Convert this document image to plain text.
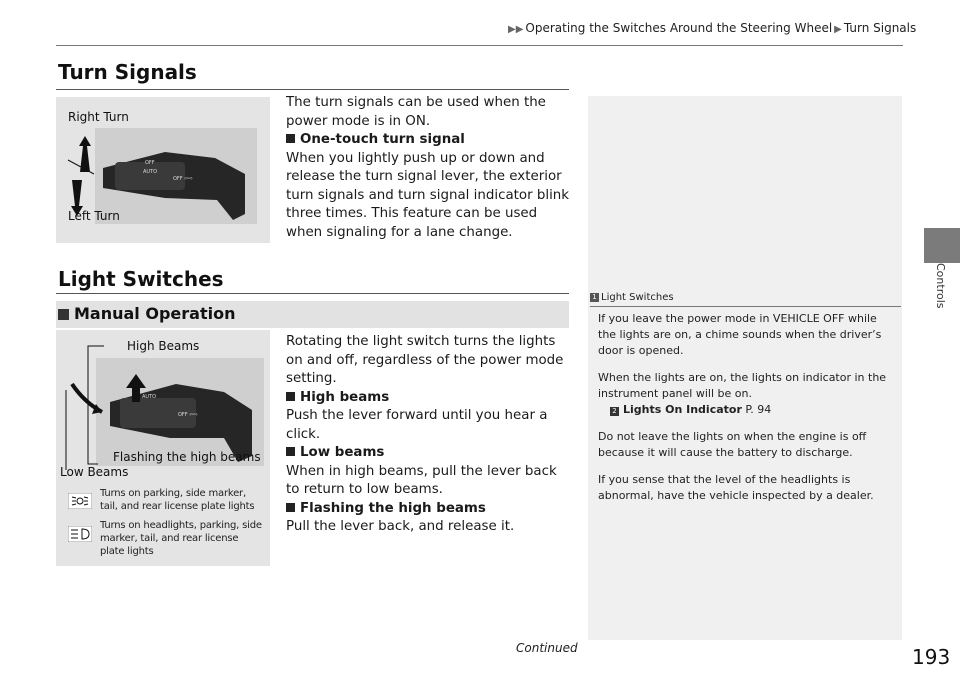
▶▶ Operating the Switches Around the Steering Wheel ▶ Turn Signals
Controls
Turn Signals
OFF
AUTO
OFF ⇦⇨
Right Turn
Left Turn

The turn signals can be used when the power mode is in ON.

One-touch turn signal

When you lightly push up or down and release the turn signal lever, the exterior turn signals and turn signal indicator blink three times. This feature can be used when signaling for a lane change.

Light Switches
Manual Operation
AUTO
OFF ⇦⇨
High Beams
Flashing the high beams
Low Beams
Turns on parking, side marker, tail, and rear license plate lights
Turns on headlights, parking, side marker, tail, and rear license plate lights

Rotating the light switch turns the lights on and off, regardless of the power mode setting.

High beams

Push the lever forward until you hear a click.

Low beams

When in high beams, pull the lever back to return to low beams.

Flashing the high beams

Pull the lever back, and release it.

1 Light Switches

If you leave the power mode in VEHICLE OFF while the lights are on, a chime sounds when the driver’s door is opened.

When the lights are on, the lights on indicator in the instrument panel will be on.

2 Lights On Indicator P. 94

Do not leave the lights on when the engine is off because it will cause the battery to discharge.

If you sense that the level of the headlights is abnormal, have the vehicle inspected by a dealer.

Continued	193
